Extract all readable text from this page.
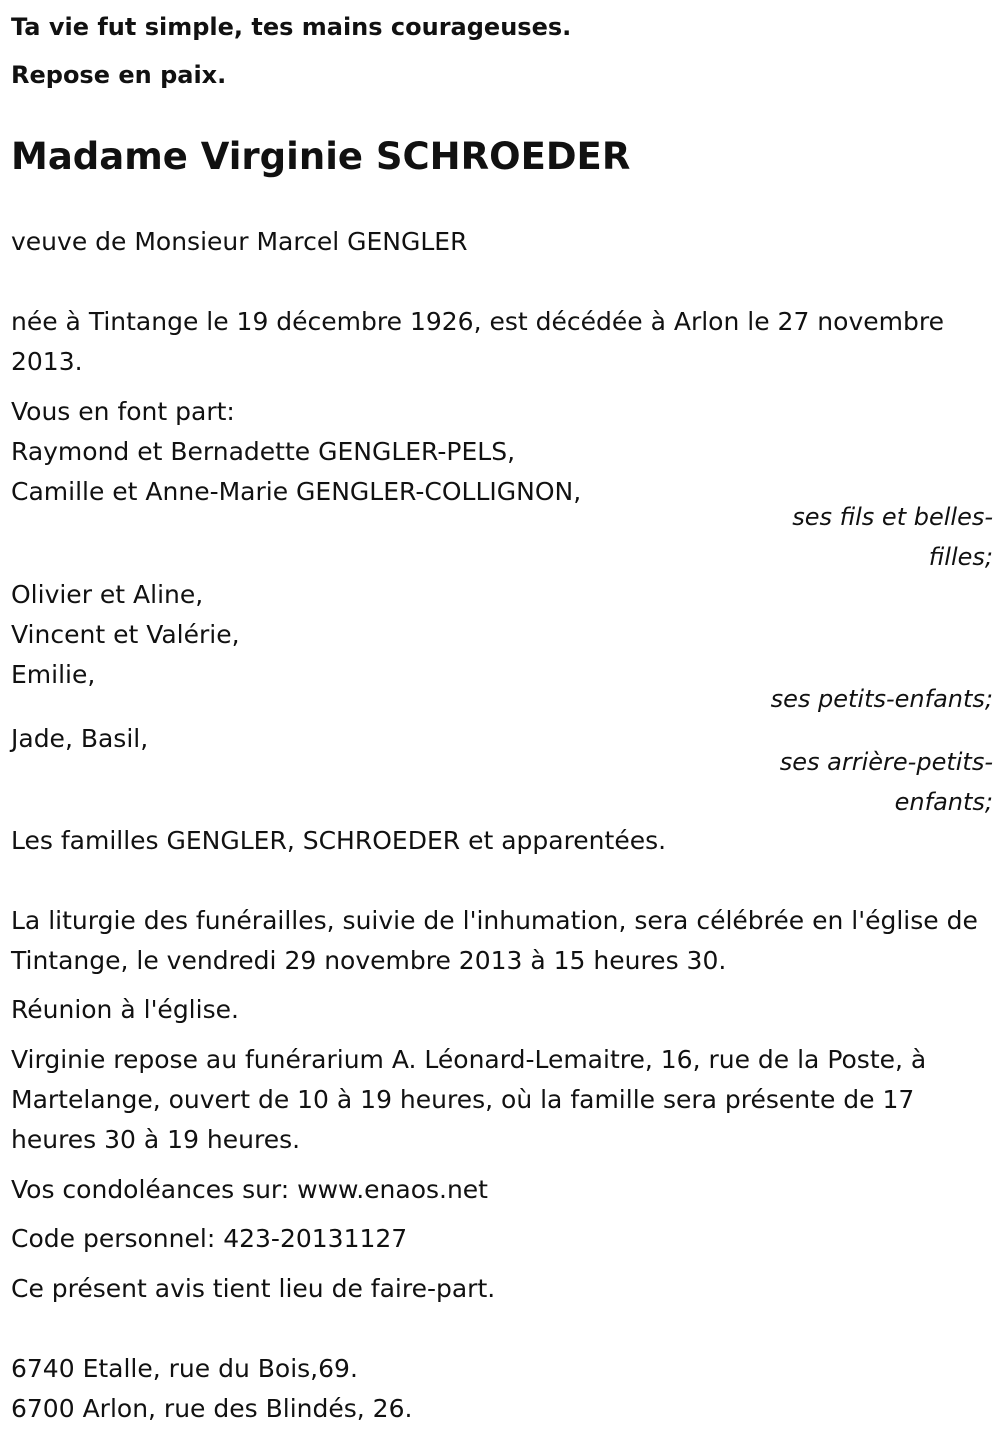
Ta vie fut simple, tes mains courageuses.

Repose en paix.

Madame Virginie SCHROEDER

veuve de Monsieur Marcel GENGLER

née à Tintange le 19 décembre 1926, est décédée à Arlon le 27 novembre 2013.

Vous en font part:

Raymond et Bernadette GENGLER-PELS,
Camille et Anne-Marie GENGLER-COLLIGNON,

ses fils et belles-filles;

Olivier et Aline,
Vincent et Valérie,
Emilie,

ses petits-enfants;

Jade, Basil,

ses arrière-petits-enfants;

Les familles GENGLER, SCHROEDER et apparentées.

La liturgie des funérailles, suivie de l'inhumation, sera célébrée en l'église de Tintange, le vendredi 29 novembre 2013 à 15 heures 30.

Réunion à l'église.

Virginie repose au funérarium A. Léonard-Lemaitre, 16, rue de la Poste, à Martelange, ouvert de 10 à 19 heures, où la famille sera présente de 17 heures 30 à 19 heures.

Vos condoléances sur: www.enaos.net

Code personnel: 423-20131127

Ce présent avis tient lieu de faire-part.

6740 Etalle, rue du Bois,69.
6700 Arlon, rue des Blindés, 26.
